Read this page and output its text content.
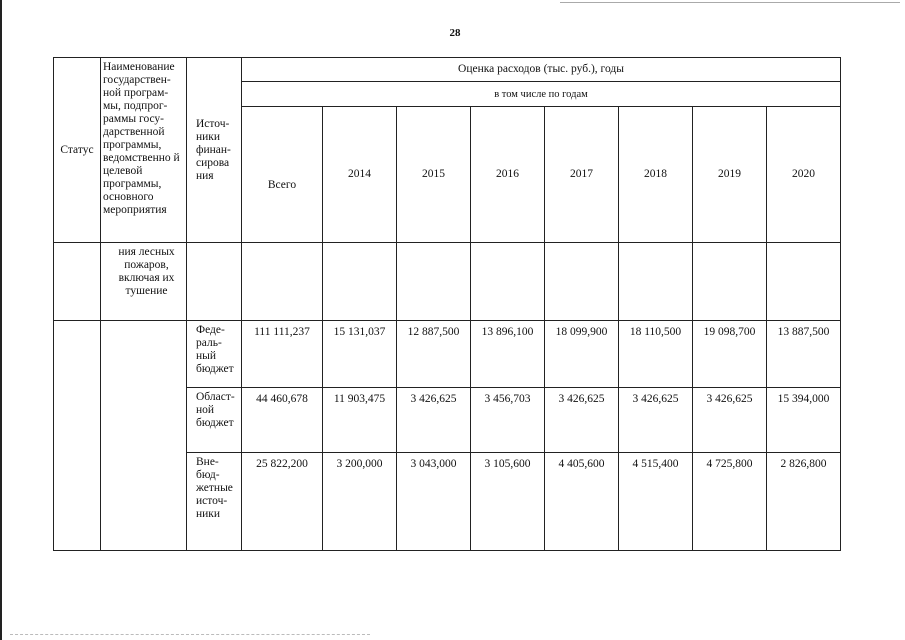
28
Статус	Наименование государствен-ной програм-мы, подпрог-раммы госу-дарственной программы, ведомственно й целевой программы, основного мероприятия	Источ-ники финан-сирова ния	Оценка расходов (тыс. руб.), годы							
			в том числе по годам							
			Всего	2014	2015	2016	2017	2018	2019	2020
	ния лесных пожаров, включая их тушение									
		Феде-раль-ный бюджет	111 111,237	15 131,037	12 887,500	13 896,100	18 099,900	18 110,500	19 098,700	13 887,500
		Област-ной бюджет	44 460,678	11 903,475	3 426,625	3 456,703	3 426,625	3 426,625	3 426,625	15 394,000
		Вне-бюд-жетные источ-ники	25 822,200	3 200,000	3 043,000	3 105,600	4 405,600	4 515,400	4 725,800	2 826,800
